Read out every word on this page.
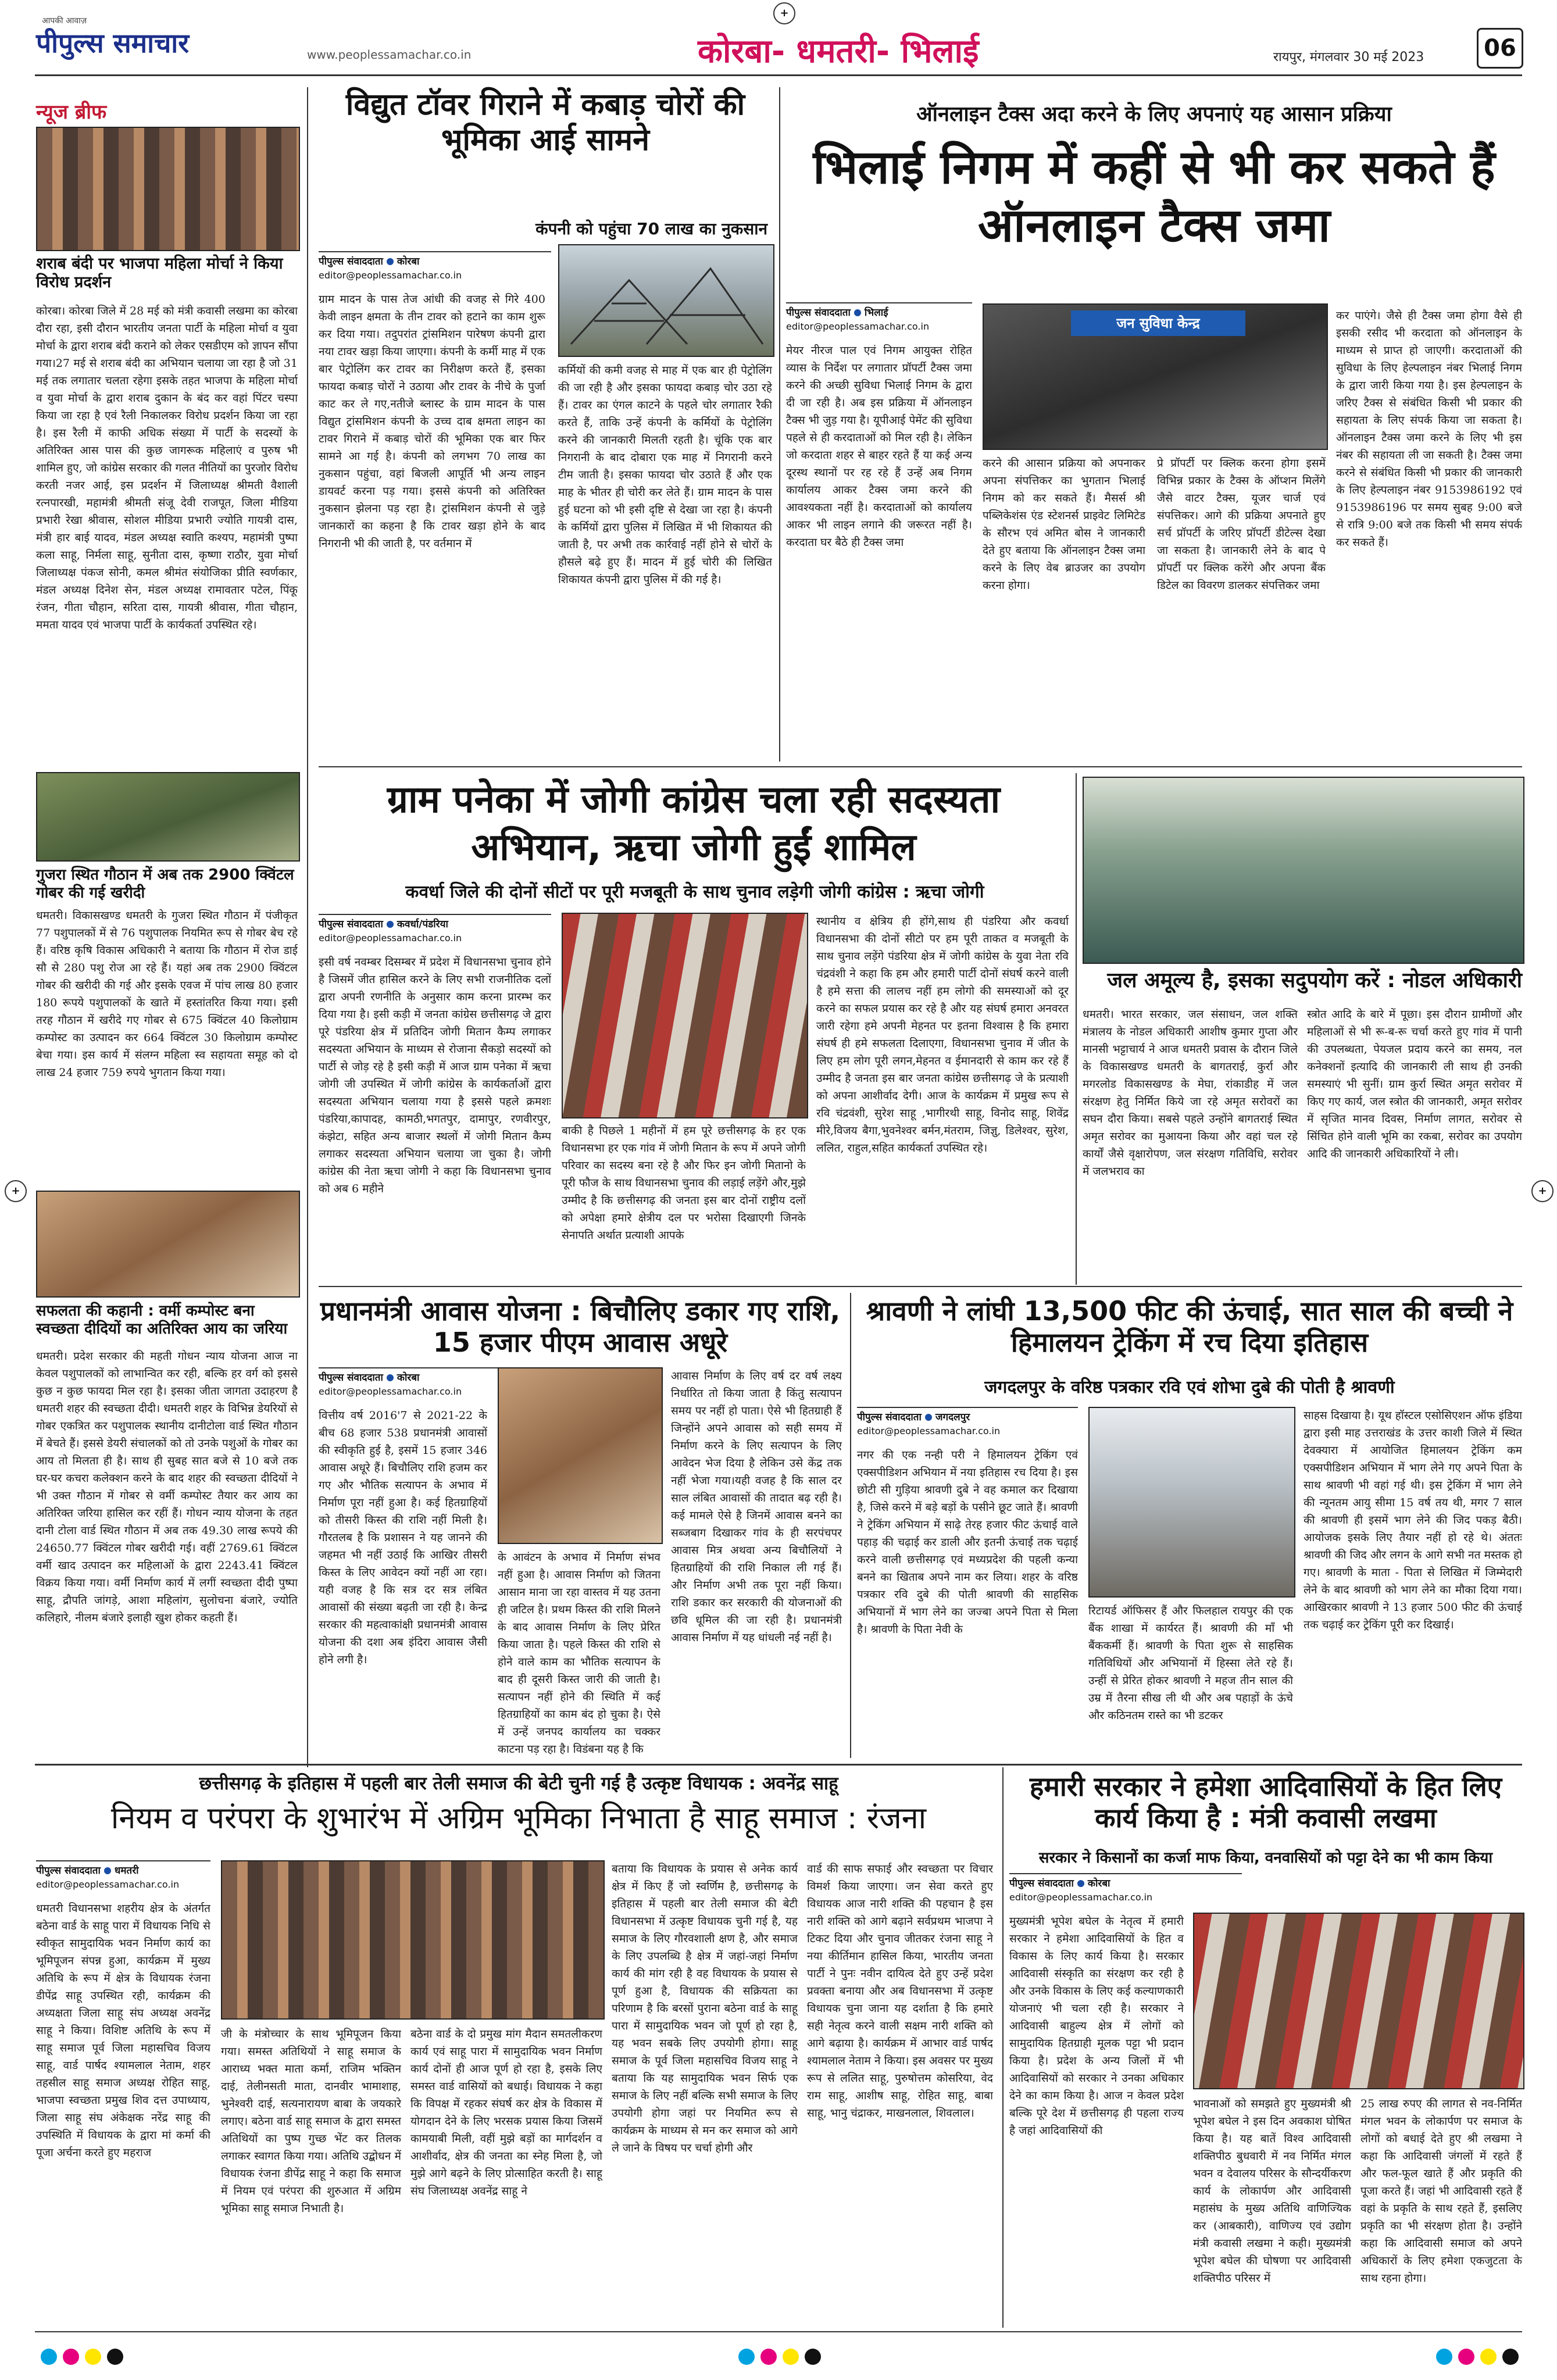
आपकी आवाज़
पीपुल्स समाचार	www.peoplessamachar.co.in	कोरबा- धमतरी- भिलाई	रायपुर, मंगलवार 30 मई 2023	06
+
न्यूज ब्रीफ
शराब बंदी पर भाजपा महिला मोर्चा ने किया विरोध प्रदर्शन
कोरबा। कोरबा जिले में 28 मई को मंत्री कवासी लखमा का कोरबा दौरा रहा, इसी दौरान भारतीय जनता पार्टी के महिला मोर्चा व युवा मोर्चा के द्वारा शराब बंदी कराने को लेकर एसडीएम को ज्ञापन सौंपा गया।27 मई से शराब बंदी का अभियान चलाया जा रहा है जो 31 मई तक लगातार चलता रहेगा इसके तहत भाजपा के महिला मोर्चा व युवा मोर्चा के द्वारा शराब दुकान के बंद कर वहां पिंटर चस्पा किया जा रहा है एवं रैली निकालकर विरोध प्रदर्शन किया जा रहा है। इस रैली में काफी अधिक संख्या में पार्टी के सदस्यों के अतिरिक्त आस पास की कुछ जागरूक महिलाएं व पुरुष भी शामिल हुए, जो कांग्रेस सरकार की गलत नीतियों का पुरजोर विरोध करती नजर आई, इस प्रदर्शन में जिलाध्यक्ष श्रीमती वैशाली रत्नपारखी, महामंत्री श्रीमती संजू देवी राजपूत, जिला मीडिया प्रभारी रेखा श्रीवास, सोशल मीडिया प्रभारी ज्योति गायत्री दास, मंत्री हार बाई यादव, मंडल अध्यक्ष स्वाति कश्यप, महामंत्री पुष्पा कला साहू, निर्मला साहू, सुनीता दास, कृष्णा राठौर, युवा मोर्चा जिलाध्यक्ष पंकज सोनी, कमल श्रीमंत संयोजिका प्रीति स्वर्णकार, मंडल अध्यक्ष दिनेश सेन, मंडल अध्यक्ष रामावतार पटेल, पिंकू रंजन, गीता चौहान, सरिता दास, गायत्री श्रीवास, गीता चौहान, ममता यादव एवं भाजपा पार्टी के कार्यकर्ता उपस्थित रहे।
गुजरा स्थित गौठान में अब तक 2900 क्विंटल गोबर की गई खरीदी
धमतरी। विकासखण्ड धमतरी के गुजरा स्थित गौठान में पंजीकृत 77 पशुपालकों में से 76 पशुपालक नियमित रूप से गोबर बेच रहे हैं। वरिष्ठ कृषि विकास अधिकारी ने बताया कि गौठान में रोज डाई सौ से 280 पशु रोज आ रहे हैं। यहां अब तक 2900 क्विंटल गोबर की खरीदी की गई और इसके एवज में पांच लाख 80 हजार 180 रूपये पशुपालकों के खाते में हस्तांतरित किया गया। इसी तरह गौठान में खरीदे गए गोबर से 675 क्विंटल 40 किलोग्राम कम्पोस्ट का उत्पादन कर 664 क्विंटल 30 किलोग्राम कम्पोस्ट बेचा गया। इस कार्य में संलग्न महिला स्व सहायता समूह को दो लाख 24 हजार 759 रुपये भुगतान किया गया।
सफलता की कहानी : वर्मी कम्पोस्ट बना स्वच्छता दीदियों का अतिरिक्त आय का जरिया
धमतरी। प्रदेश सरकार की महती गोधन न्याय योजना आज ना केवल पशुपालकों को लाभान्वित कर रही, बल्कि हर वर्ग को इससे कुछ न कुछ फायदा मिल रहा है। इसका जीता जागता उदाहरण है धमतरी शहर की स्वच्छता दीदी। धमतरी शहर के विभिन्न डेयरियों से गोबर एकत्रित कर पशुपालक स्थानीय दानीटोला वार्ड स्थित गौठान में बेचते हैं। इससे डेयरी संचालकों को तो उनके पशुओं के गोबर का आय तो मिलता ही है। साथ ही सुबह सात बजे से 10 बजे तक घर-घर कचरा कलेक्शन करने के बाद शहर की स्वच्छता दीदियों ने भी उक्त गौठान में गोबर से वर्मी कम्पोस्ट तैयार कर आय का अतिरिक्त जरिया हासिल कर रहीं हैं। गोधन न्याय योजना के तहत दानी टोला वार्ड स्थित गौठान में अब तक 49.30 लाख रूपये की 24650.77 क्विंटल गोबर खरीदी गई। वहीं 2769.61 क्विंटल वर्मी खाद उत्पादन कर महिलाओं के द्वारा 2243.41 क्विंटल विक्रय किया गया। वर्मी निर्माण कार्य में लगीं स्वच्छता दीदी पुष्पा साहू, द्रौपति जांगड़े, आशा महिलांग, सुलोचना बंजारे, ज्योति कलिहारे, नीलम बंजारे इलाही खुश होकर कहती हैं।
विद्युत टॉवर गिराने में कबाड़ चोरों की भूमिका आई सामने
कंपनी को पहुंचा 70 लाख का नुकसान
पीपुल्स संवाददाता कोरबा
editor@peoplessamachar.co.in
ग्राम मादन के पास तेज आंधी की वजह से गिरे 400 केवी लाइन क्षमता के तीन टावर को हटाने का काम शुरू कर दिया गया। तदुपरांत ट्रांसमिशन पारेषण कंपनी द्वारा नया टावर खड़ा किया जाएगा। कंपनी के कर्मी माह में एक बार पेट्रोलिंग कर टावर का निरीक्षण करते हैं, इसका फायदा कबाड़ चोरों ने उठाया और टावर के नीचे के पुर्जा काट कर ले गए,नतीजे ब्लास्ट के ग्राम मादन के पास विद्युत ट्रांसमिशन कंपनी के उच्च दाब क्षमता लाइन का टावर गिराने में कबाड़ चोरों की भूमिका एक बार फिर सामने आ गई है। कंपनी को लगभग 70 लाख का नुकसान पहुंचा, वहां बिजली आपूर्ति भी अन्य लाइन डायवर्ट करना पड़ गया। इससे कंपनी को अतिरिक्त नुकसान झेलना पड़ रहा है। ट्रांसमिशन कंपनी से जुड़े जानकारों का कहना है कि टावर खड़ा होने के बाद निगरानी भी की जाती है, पर वर्तमान में
कर्मियों की कमी वजह से माह में एक बार ही पेट्रोलिंग की जा रही है और इसका फायदा कबाड़ चोर उठा रहे हैं। टावर का एंगल काटने के पहले चोर लगातार रैकी करते हैं, ताकि उन्हें कंपनी के कर्मियों के पेट्रोलिंग करने की जानकारी मिलती रहती है। चूंकि एक बार निगरानी के बाद दोबारा एक माह में निगरानी करने टीम जाती है। इसका फायदा चोर उठाते हैं और एक माह के भीतर ही चोरी कर लेते हैं। ग्राम मादन के पास हुई घटना को भी इसी दृष्टि से देखा जा रहा है। कंपनी के कर्मियों द्वारा पुलिस में लिखित में भी शिकायत की जाती है, पर अभी तक कार्रवाई नहीं होने से चोरों के हौसले बढ़े हुए हैं। मादन में हुई चोरी की लिखित शिकायत कंपनी द्वारा पुलिस में की गई है।
ऑनलाइन टैक्स अदा करने के लिए अपनाएं यह आसान प्रक्रिया
भिलाई निगम में कहीं से भी कर सकते हैं ऑनलाइन टैक्स जमा
पीपुल्स संवाददाता भिलाई
editor@peoplessamachar.co.in	जन सुविधा केन्द्र
मेयर नीरज पाल एवं निगम आयुक्त रोहित व्यास के निर्देश पर लगातार प्रॉपर्टी टैक्स जमा करने की अच्छी सुविधा भिलाई निगम के द्वारा दी जा रही है। अब इस प्रक्रिया में ऑनलाइन टैक्स भी जुड़ गया है। यूपीआई पेमेंट की सुविधा पहले से ही करदाताओं को मिल रही है। लेकिन जो करदाता शहर से बाहर रहते हैं या कई अन्य दूरस्थ स्थानों पर रह रहे हैं उन्हें अब निगम कार्यालय आकर टैक्स जमा करने की आवश्यकता नहीं है। करदाताओं को कार्यालय आकर भी लाइन लगाने की जरूरत नहीं है। करदाता घर बैठे ही टैक्स जमा
करने की आसान प्रक्रिया को अपनाकर अपना संपत्तिकर का भुगतान भिलाई निगम को कर सकते हैं। मैसर्स श्री पब्लिकेशंस एंड स्टेशनर्स प्राइवेट लिमिटेड के सौरभ एवं अमित बोस ने जानकारी देते हुए बताया कि ऑनलाइन टैक्स जमा करने के लिए वेब ब्राउजर का उपयोग करना होगा।
प्रे प्रॉपर्टी पर क्लिक करना होगा इसमें विभिन्न प्रकार के टैक्स के ऑप्शन मिलेंगे जैसे वाटर टैक्स, यूजर चार्ज एवं संपत्तिकर। आगे की प्रक्रिया अपनाते हुए सर्च प्रॉपर्टी के जरिए प्रॉपर्टी डीटेल्स देखा जा सकता है। जानकारी लेने के बाद पे प्रॉपर्टी पर क्लिक करेंगे और अपना बैंक डिटेल का विवरण डालकर संपत्तिकर जमा
कर पाएंगे। जैसे ही टैक्स जमा होगा वैसे ही इसकी रसीद भी करदाता को ऑनलाइन के माध्यम से प्राप्त हो जाएगी। करदाताओं की सुविधा के लिए हेल्पलाइन नंबर भिलाई निगम के द्वारा जारी किया गया है। इस हेल्पलाइन के जरिए टैक्स से संबंधित किसी भी प्रकार की सहायता के लिए संपर्क किया जा सकता है। ऑनलाइन टैक्स जमा करने के लिए भी इस नंबर की सहायता ली जा सकती है। टैक्स जमा करने से संबंधित किसी भी प्रकार की जानकारी के लिए हेल्पलाइन नंबर 9153986192 एवं 9153986196 पर समय सुबह 9:00 बजे से रात्रि 9:00 बजे तक किसी भी समय संपर्क कर सकते हैं।
ग्राम पनेका में जोगी कांग्रेस चला रही सदस्यता अभियान, ऋचा जोगी हुईं शामिल
कवर्धा जिले की दोनों सीटों पर पूरी मजबूती के साथ चुनाव लड़ेगी जोगी कांग्रेस : ऋचा जोगी
पीपुल्स संवाददाता कवर्धा/पंडरिया
editor@peoplessamachar.co.in
इसी वर्ष नवम्बर दिसम्बर में प्रदेश में विधानसभा चुनाव होने है जिसमें जीत हासिल करने के लिए सभी राजनीतिक दलों द्वारा अपनी रणनीति के अनुसार काम करना प्रारम्भ कर दिया गया है। इसी कड़ी में जनता कांग्रेस छत्तीसगढ़ जे द्वारा पूरे पंडरिया क्षेत्र में प्रतिदिन जोगी मितान कैम्प लगाकर सदस्यता अभियान के माध्यम से रोजाना सैकड़ो सदस्यों को पार्टी से जोड़ रहे है इसी कड़ी में आज ग्राम पनेका में ऋचा जोगी जी उपस्थित में जोगी कांग्रेस के कार्यकर्ताओं द्वारा सदस्यता अभियान चलाया गया है इससे पहले क्रमशः पंडरिया,कापादह, कामठी,भगतपुर, दामापुर, रणवीरपुर, कंझेटा, सहित अन्य बाजार स्थलों में जोगी मितान कैम्प लगाकर सदस्यता अभियान चलाया जा चुका है। जोगी कांग्रेस की नेता ऋचा जोगी ने कहा कि विधानसभा चुनाव को अब 6 महीने
बाकी है पिछले 1 महीनों में हम पूरे छत्तीसगढ़ के हर एक विधानसभा हर एक गांव में जोगी मितान के रूप में अपने जोगी परिवार का सदस्य बना रहे है और फिर इन जोगी मितानो के पूरी फौज के साथ विधानसभा चुनाव की लड़ाई लड़ेंगे और,मुझे उम्मीद है कि छत्तीसगढ़ की जनता इस बार दोनों राष्ट्रीय दलों को अपेक्षा हमारे क्षेत्रीय दल पर भरोसा दिखाएगी जिनके सेनापति अर्थात प्रत्याशी आपके
स्थानीय व क्षेत्रिय ही होंगे,साथ ही पंडरिया और कवर्धा विधानसभा की दोनों सीटो पर हम पूरी ताकत व मजबूती के साथ चुनाव लड़ेंगे पंडरिया क्षेत्र में जोगी कांग्रेस के युवा नेता रवि चंद्रवंशी ने कहा कि हम और हमारी पार्टी दोनों संघर्ष करने वाली है हमे सत्ता की लालच नहीं हम लोगो की समस्याओं को दूर करने का सफल प्रयास कर रहे है और यह संघर्ष हमारा अनवरत जारी रहेगा हमे अपनी मेहनत पर इतना विश्वास है कि हमारा संघर्ष ही हमे सफलता दिलाएगा, विधानसभा चुनाव में जीत के लिए हम लोग पूरी लगन,मेहनत व ईमानदारी से काम कर रहे हैं उम्मीद है जनता इस बार जनता कांग्रेस छत्तीसगढ़ जे के प्रत्याशी को अपना आशीर्वाद देगी। आज के कार्यक्रम में प्रमुख रूप से रवि चंद्रवंशी, सुरेश साहू ,भागीरथी साहू, विनोद साहू, शिवेंद्र मीरे,विजय बैगा,भुवनेश्वर बर्मन,मंतराम, जिज्ञु, डिलेश्वर, सुरेश, ललित, राहुल,सहित कार्यकर्ता उपस्थित रहे।
जल अमूल्य है, इसका सदुपयोग करें : नोडल अधिकारी
धमतरी। भारत सरकार, जल संसाधन, जल शक्ति मंत्रालय के नोडल अधिकारी आशीष कुमार गुप्ता और मानसी भट्टाचार्य ने आज धमतरी प्रवास के दौरान जिले के विकासखण्ड धमतरी के बागतराई, कुर्रा और मगरलोड विकासखण्ड के मेघा, रांकाडीह में जल संरक्षण हेतु निर्मित किये जा रहे अमृत सरोवरों का सघन दौरा किया। सबसे पहले उन्होंने बागतराई स्थित अमृत सरोवर का मुआयना किया और वहां चल रहे कार्यों जैसे वृक्षारोपण, जल संरक्षण गतिविधि, सरोवर में जलभराव का
स्त्रोत आदि के बारे में पूछा। इस दौरान ग्रामीणों और महिलाओं से भी रू-ब-रू चर्चा करते हुए गांव में पानी की उपलब्धता, पेयजल प्रदाय करने का समय, नल कनेक्शनों इत्यादि की जानकारी ली साथ ही उनकी समस्याएं भी सुनीं। ग्राम कुर्रा स्थित अमृत सरोवर में किए गए कार्य, जल स्त्रोत की जानकारी, अमृत सरोवर में सृजित मानव दिवस, निर्माण लागत, सरोवर से सिंचित होने वाली भूमि का रकबा, सरोवर का उपयोग आदि की जानकारी अधिकारियों ने ली।
प्रधानमंत्री आवास योजना : बिचौलिए डकार गए राशि, 15 हजार पीएम आवास अधूरे
पीपुल्स संवाददाता कोरबा
editor@peoplessamachar.co.in
वित्तीय वर्ष 2016'7 से 2021-22 के बीच 68 हजार 538 प्रधानमंत्री आवासों की स्वीकृति हुई है, इसमें 15 हजार 346 आवास अधूरे हैं। बिचौलिए राशि हजम कर गए और भौतिक सत्यापन के अभाव में निर्माण पूरा नहीं हुआ है। कई हितग्राहियों को तीसरी किस्त की राशि नहीं मिली है। गौरतलब है कि प्रशासन ने यह जानने की जहमत भी नहीं उठाई कि आखिर तीसरी किस्त के लिए आवेदन क्यों नहीं आ रहा। यही वजह है कि सत्र दर सत्र लंबित आवासों की संख्या बढ़ती जा रही है। केन्द्र सरकार की महत्वाकांक्षी प्रधानमंत्री आवास योजना की दशा अब इंदिरा आवास जैसी होने लगी है।
के आवंटन के अभाव में निर्माण संभव नहीं हुआ है। आवास निर्माण को जितना आसान माना जा रहा वास्तव में यह उतना ही जटिल है। प्रथम किस्त की राशि मिलने के बाद आवास निर्माण के लिए प्रेरित किया जाता है। पहले किस्त की राशि से होने वाले काम का भौतिक सत्यापन के बाद ही दूसरी किस्त जारी की जाती है। सत्यापन नहीं होने की स्थिति में कई हितग्राहियों का काम बंद हो चुका है। ऐसे में उन्हें जनपद कार्यालय का चक्कर काटना पड़ रहा है। विडंबना यह है कि
आवास निर्माण के लिए वर्ष दर वर्ष लक्ष्य निर्धारित तो किया जाता है किंतु सत्यापन समय पर नहीं हो पाता। ऐसे भी हितग्राही हैं जिन्होंने अपने आवास को सही समय में निर्माण करने के लिए सत्यापन के लिए आवेदन भेज दिया है लेकिन उसे केंद्र तक नहीं भेजा गया।यही वजह है कि साल दर साल लंबित आवासों की तादात बढ़ रही है। कई मामले ऐसे है जिनमें आवास बनने का सब्जबाग दिखाकर गांव के ही सरपंचपर आवास मित्र अथवा अन्य बिचौलियों ने हितग्राहियों की राशि निकाल ली गई हैं। और निर्माण अभी तक पूरा नहीं किया। राशि डकार कर सरकारी की योजनाओं की छवि धूमिल की जा रही है। प्रधानमंत्री आवास निर्माण में यह धांधली नई नहीं है।
श्रावणी ने लांघी 13,500 फीट की ऊंचाई, सात साल की बच्ची ने हिमालयन ट्रेकिंग में रच दिया इतिहास
जगदलपुर के वरिष्ठ पत्रकार रवि एवं शोभा दुबे की पोती है श्रावणी
पीपुल्स संवाददाता जगदलपुर
editor@peoplessamachar.co.in
नगर की एक नन्ही परी ने हिमालयन ट्रेकिंग एवं एक्सपीडिशन अभियान में नया इतिहास रच दिया है। इस छोटी सी गुड़िया श्रावणी दुबे ने वह कमाल कर दिखाया है, जिसे करने में बड़े बड़ों के पसीने छूट जाते हैं। श्रावणी ने ट्रेकिंग अभियान में साढ़े तेरह हजार फीट ऊंचाई वाले पहाड़ की चढ़ाई कर डाली और इतनी ऊंचाई तक चढ़ाई करने वाली छत्तीसगढ़ एवं मध्यप्रदेश की पहली कन्या बनने का खिताब अपने नाम कर लिया। शहर के वरिष्ठ पत्रकार रवि दुबे की पोती श्रावणी की साहसिक अभियानों में भाग लेने का जज्बा अपने पिता से मिला है। श्रावणी के पिता नेवी के
रिटायर्ड ऑफिसर हैं और फिलहाल रायपुर की एक बैंक शाखा में कार्यरत हैं। श्रावणी की माँ भी बैंककर्मी हैं। श्रावणी के पिता शुरू से साहसिक गतिविधियों और अभियानों में हिस्सा लेते रहे हैं। उन्हीं से प्रेरित होकर श्रावणी ने महज तीन साल की उम्र में तैरना सीख ली थी और अब पहाड़ों के ऊंचे और कठिनतम रास्ते का भी डटकर
साहस दिखाया है। यूथ हॉस्टल एसोसिएशन ऑफ इंडिया द्वारा इसी माह उत्तराखंड के उत्तर काशी जिले में स्थित देवक्यारा में आयोजित हिमालयन ट्रेकिंग कम एक्सपीडिशन अभियान में भाग लेने गए अपने पिता के साथ श्रावणी भी वहां गई थी। इस ट्रेकिंग में भाग लेने की न्यूनतम आयु सीमा 15 वर्ष तय थी, मगर 7 साल की श्रावणी ही इसमें भाग लेने की जिद पकड़ बैठी। आयोजक इसके लिए तैयार नहीं हो रहे थे। अंततः श्रावणी की जिद और लगन के आगे सभी नत मस्तक हो गए। श्रावणी के माता - पिता से लिखित में जिम्मेदारी लेने के बाद श्रावणी को भाग लेने का मौका दिया गया। आखिरकार श्रावणी ने 13 हजार 500 फीट की ऊंचाई तक चढ़ाई कर ट्रेकिंग पूरी कर दिखाई।
छत्तीसगढ़ के इतिहास में पहली बार तेली समाज की बेटी चुनी गई है उत्कृष्ट विधायक : अवनेंद्र साहू
नियम व परंपरा के शुभारंभ में अग्रिम भूमिका निभाता है साहू समाज : रंजना
पीपुल्स संवाददाता धमतरी
editor@peoplessamachar.co.in
धमतरी विधानसभा शहरीय क्षेत्र के अंतर्गत बठेना वार्ड के साहू पारा में विधायक निधि से स्वीकृत सामुदायिक भवन निर्माण कार्य का भूमिपूजन संपन्न हुआ, कार्यक्रम में मुख्य अतिथि के रूप में क्षेत्र के विधायक रंजना डीपेंद्र साहू उपस्थित रही, कार्यक्रम की अध्यक्षता जिला साहू संघ अध्यक्ष अवनेंद्र साहू ने किया। विशिष्ट अतिथि के रूप में साहू समाज पूर्व जिला महासचिव विजय साहू, वार्ड पार्षद श्यामलाल नेताम, शहर तहसील साहू समाज अध्यक्ष रोहित साहू, भाजपा स्वच्छता प्रमुख शिव दत्त उपाध्याय, जिला साहू संघ अंकेक्षक नरेंद्र साहू की उपस्थिति में विधायक के द्वारा मां कर्मा की पूजा अर्चना करते हुए महराज
जी के मंत्रोच्चार के साथ भूमिपूजन किया गया। समस्त अतिथियों ने साहू समाज के आराध्य भक्त माता कर्मा, राजिम भक्तिन दाई, तेलीनसती माता, दानवीर भामाशाह, भुनेश्वरी दाई, सत्यनारायण बाबा के जयकारे लगाए। बठेना वार्ड साहू समाज के द्वारा समस्त अतिथियों का पुष्प गुच्छ भेंट कर तिलक लगाकर स्वागत किया गया। अतिथि उद्बोधन में विधायक रंजना डीपेंद्र साहू ने कहा कि समाज में नियम एवं परंपरा की शुरुआत में अग्रिम भूमिका साहू समाज निभाती है।
बठेना वार्ड के दो प्रमुख मांग मैदान समतलीकरण कार्य एवं साहू पारा में सामुदायिक भवन निर्माण कार्य दोनों ही आज पूर्ण हो रहा है, इसके लिए समस्त वार्ड वासियों को बधाई। विधायक ने कहा कि विपक्ष में रहकर संघर्ष कर क्षेत्र के विकास में योगदान देने के लिए भरसक प्रयास किया जिसमें कामयाबी मिली, वहीं मुझे बड़ों का मार्गदर्शन व आशीर्वाद, क्षेत्र की जनता का स्नेह मिला है, जो मुझे आगे बढ़ने के लिए प्रोत्साहित करती है। साहू संघ जिलाध्यक्ष अवनेंद्र साहू ने
बताया कि विधायक के प्रयास से अनेक कार्य क्षेत्र में किए हैं जो स्वर्णिम है, छत्तीसगढ़ के इतिहास में पहली बार तेली समाज की बेटी विधानसभा में उत्कृष्ट विधायक चुनी गई है, यह समाज के लिए गौरवशाली क्षण है, और समाज के लिए उपलब्धि है क्षेत्र में जहां-जहां निर्माण कार्य की मांग रही है वह विधायक के प्रयास से पूर्ण हुआ है, विधायक की सक्रियता का परिणाम है कि बरसों पुराना बठेना वार्ड के साहू पारा में सामुदायिक भवन जो पूर्ण हो रहा है, यह भवन सबके लिए उपयोगी होगा। साहू समाज के पूर्व जिला महासचिव विजय साहू ने बताया कि यह सामुदायिक भवन सिर्फ एक समाज के लिए नहीं बल्कि सभी समाज के लिए उपयोगी होगा जहां पर नियमित रूप से कार्यक्रम के माध्यम से मन कर समाज को आगे ले जाने के विषय पर चर्चा होगी और
वार्ड की साफ सफाई और स्वच्छता पर विचार विमर्श किया जाएगा। जन सेवा करते हुए विधायक आज नारी शक्ति की पहचान है इस नारी शक्ति को आगे बढ़ाने सर्वप्रथम भाजपा ने टिकट दिया और चुनाव जीतकर रंजना साहू ने नया कीर्तिमान हासिल किया, भारतीय जनता पार्टी ने पुनः नवीन दायित्व देते हुए उन्हें प्रदेश प्रवक्ता बनाया और अब विधानसभा में उत्कृष्ट विधायक चुना जाना यह दर्शाता है कि हमारे सही नेतृत्व करने वाली सक्षम नारी शक्ति को आगे बढ़ाया है। कार्यक्रम में आभार वार्ड पार्षद श्यामलाल नेताम ने किया। इस अवसर पर मुख्य रूप से ललित साहू, पुरुषोत्तम कोसरिया, वेद राम साहू, आशीष साहू, रोहित साहू, बाबा साहू, भानु चंद्राकर, माखनलाल, शिवलाल।
हमारी सरकार ने हमेशा आदिवासियों के हित लिए कार्य किया है : मंत्री कवासी लखमा
सरकार ने किसानों का कर्जा माफ किया, वनवासियों को पट्टा देने का भी काम किया
पीपुल्स संवाददाता कोरबा
editor@peoplessamachar.co.in
मुख्यमंत्री भूपेश बघेल के नेतृत्व में हमारी सरकार ने हमेशा आदिवासियों के हित व विकास के लिए कार्य किया है। सरकार आदिवासी संस्कृति का संरक्षण कर रही है और उनके विकास के लिए कई कल्याणकारी योजनाएं भी चला रही है। सरकार ने आदिवासी बाहुल्य क्षेत्र में लोगों को सामुदायिक हितग्राही मूलक पट्टा भी प्रदान किया है। प्रदेश के अन्य जिलों में भी आदिवासियों को सरकार ने उनका अधिकार देने का काम किया है। आज न केवल प्रदेश बल्कि पूरे देश में छत्तीसगढ़ ही पहला राज्य है जहां आदिवासियों की
भावनाओं को समझते हुए मुख्यमंत्री श्री भूपेश बघेल ने इस दिन अवकाश घोषित किया है। यह बातें विश्व आदिवासी शक्तिपीठ बुधवारी में नव निर्मित मंगल भवन व देवालय परिसर के सौन्दर्यीकरण कार्य के लोकार्पण और आदिवासी महासंघ के मुख्य अतिथि वाणिज्यिक कर (आबकारी), वाणिज्य एवं उद्योग मंत्री कवासी लखमा ने कही। मुख्यमंत्री भूपेश बघेल की घोषणा पर आदिवासी शक्तिपीठ परिसर में
25 लाख रुपए की लागत से नव-निर्मित मंगल भवन के लोकार्पण पर समाज के लोगों को बधाई देते हुए श्री लखमा ने कहा कि आदिवासी जंगलों में रहते हैं और फल-फूल खाते हैं और प्रकृति की पूजा करते हैं। जहां भी आदिवासी रहते हैं वहां के प्रकृति के साथ रहते हैं, इसलिए प्रकृति का भी संरक्षण होता है। उन्होंने कहा कि आदिवासी समाज को अपने अधिकारों के लिए हमेशा एकजुटता के साथ रहना होगा।
+	+
